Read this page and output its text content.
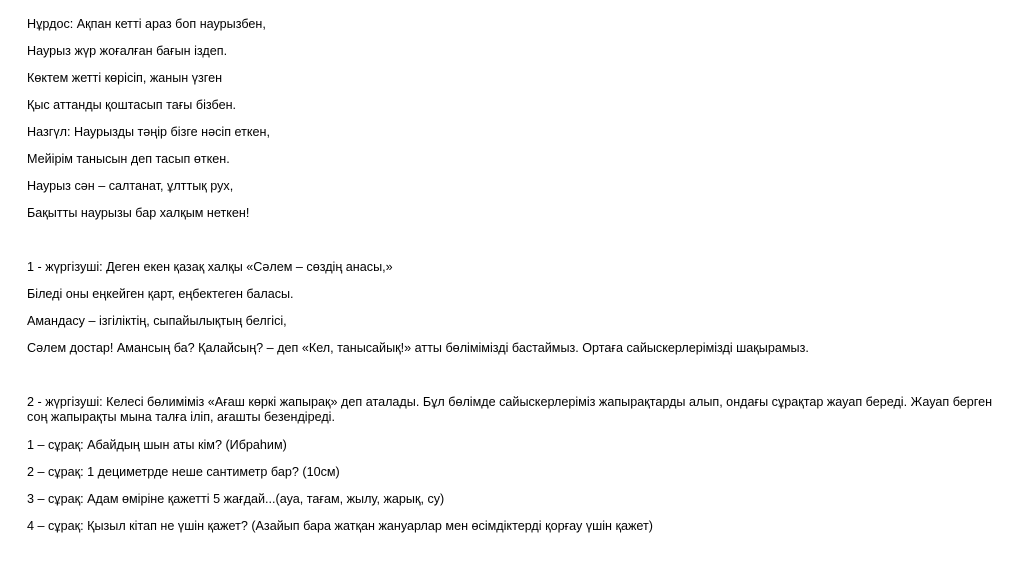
Нұрдос: Ақпан кетті араз боп наурызбен,

Наурыз жүр жоғалған бағын іздеп.

Көктем жетті көрісіп, жанын үзген

Қыс аттанды қоштасып тағы бізбен.

Назгүл: Наурызды тәңір бізге нәсіп еткен,

Мейірім танысын деп тасып өткен.

Наурыз сән – салтанат, ұлттық рух,

Бақытты наурызы бар халқым неткен!

1 - жүргізуші: Деген екен қазақ халқы «Сәлем – сөздің анасы,»

Біледі оны еңкейген қарт, еңбектеген баласы.

Амандасу – ізгіліктің, сыпайылықтың белгісі,

Сәлем достар! Амансың ба? Қалайсың? – деп «Кел, танысайық!» атты бөлімімізді бастаймыз. Ортаға сайыскерлерімізді шақырамыз.

2 - жүргізуші: Келесі бөлиміміз «Ағаш көркі жапырақ» деп аталады. Бұл бөлімде сайыскерлеріміз жапырақтарды алып, ондағы сұрақтар жауап береді. Жауап берген соң жапырақты мына талға іліп, ағашты безендіреді.

1 – сұрақ: Абайдың шын аты кім? (Ибраһим)

2 – сұрақ: 1 дециметрде неше сантиметр бар? (10см)

3 – сұрақ: Адам өміріне қажетті 5 жағдай...(ауа, тағам, жылу, жарық, су)

4 – сұрақ: Қызыл кітап не үшін қажет? (Азайып бара жатқан жануарлар мен өсімдіктерді қорғау үшін қажет)
